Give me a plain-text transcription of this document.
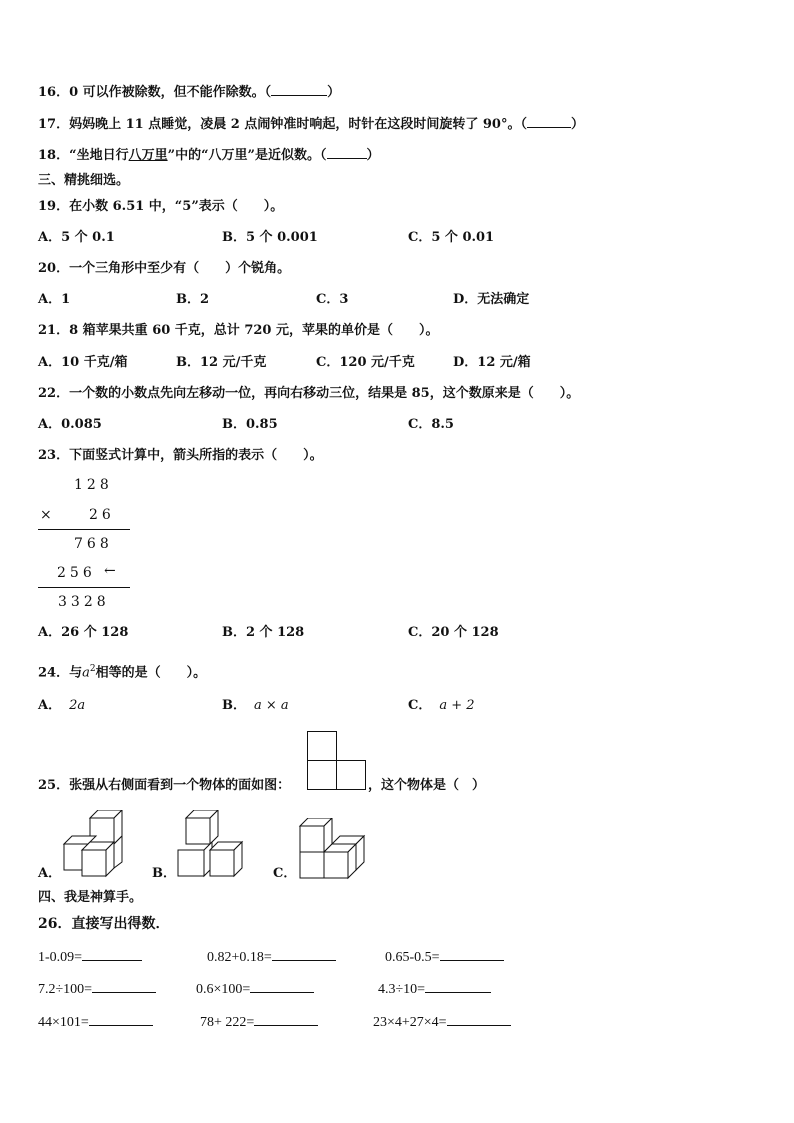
16．0 可以作被除数，但不能作除数。（	）
17．妈妈晚上 11 点睡觉，凌晨 2 点闹钟准时响起，时针在这段时间旋转了 90°。（	）
18．“坐地日行八万里”中的“八万里”是近似数。（	）
三、精挑细选。
19．在小数 6.51 中，“5”表示（　　）。
A．5 个 0.1	B．5 个 0.001	C．5 个 0.01
20．一个三角形中至少有（　　）个锐角。
A．1	B．2	C．3	D．无法确定
21．8 箱苹果共重 60 千克，总计 720 元，苹果的单价是（　　）。
A．10 千克/箱	B．12 元/千克	C．120 元/千克	D．12 元/箱
22．一个数的小数点先向左移动一位，再向右移动三位，结果是 85，这个数原来是（　　）。
A．0.085	B．0.85	C．8.5
23．下面竖式计算中，箭头所指的表示（　　）。
128
× 26
768
256 ←
3328
A．26 个 128	B．2 个 128	C．20 个 128
24．与$a^2$相等的是（　　）。
A． 2a	B． a × a	C． a + 2
25．张强从右侧面看到一个物体的面如图：	，这个物体是（　）
A．	B．	C．
四、我是神算手。
26．直接写出得数．
1-0.09=	0.82+0.18=	0.65-0.5=
7.2÷100=	0.6×100=	4.3÷10=
44×101=	78+ 222=	23×4+27×4=
